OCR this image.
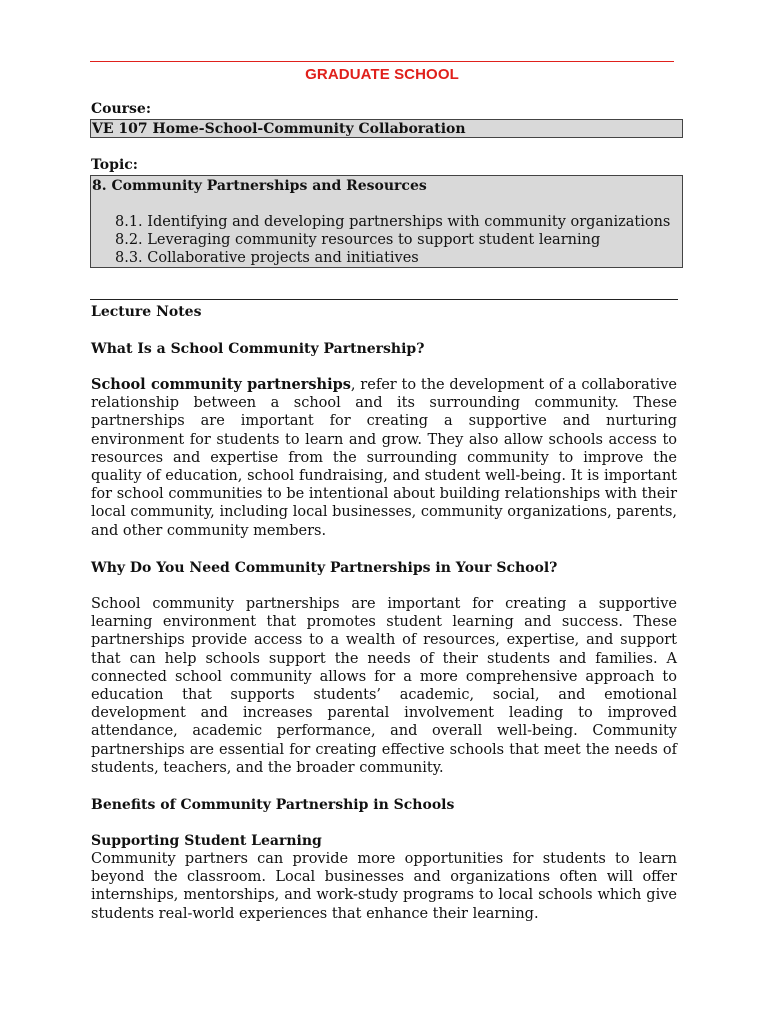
GRADUATE SCHOOL
Course:
VE 107 Home-School-Community Collaboration
Topic:
8. Community Partnerships and Resources
8.1. Identifying and developing partnerships with community organizations
8.2. Leveraging community resources to support student learning
8.3. Collaborative projects and initiatives
Lecture Notes
What Is a School Community Partnership?

School community partnerships, refer to the development of a collaborative relationship between a school and its surrounding community. These partnerships are important for creating a supportive and nurturing environment for students to learn and grow. They also allow schools access to resources and expertise from the surrounding community to improve the quality of education, school fundraising, and student well-being. It is important for school communities to be intentional about building relationships with their local community, including local businesses, community organizations, parents, and other community members.

Why Do You Need Community Partnerships in Your School?

School community partnerships are important for creating a supportive learning environment that promotes student learning and success. These partnerships provide access to a wealth of resources, expertise, and support that can help schools support the needs of their students and families. A connected school community allows for a more comprehensive approach to education that supports students’ academic, social, and emotional development and increases parental involvement leading to improved attendance, academic performance, and overall well-being. Community partnerships are essential for creating effective schools that meet the needs of students, teachers, and the broader community.

Benefits of Community Partnership in Schools
Supporting Student Learning

Community partners can provide more opportunities for students to learn beyond the classroom. Local businesses and organizations often will offer internships, mentorships, and work-study programs to local schools which give students real-world experiences that enhance their learning.
